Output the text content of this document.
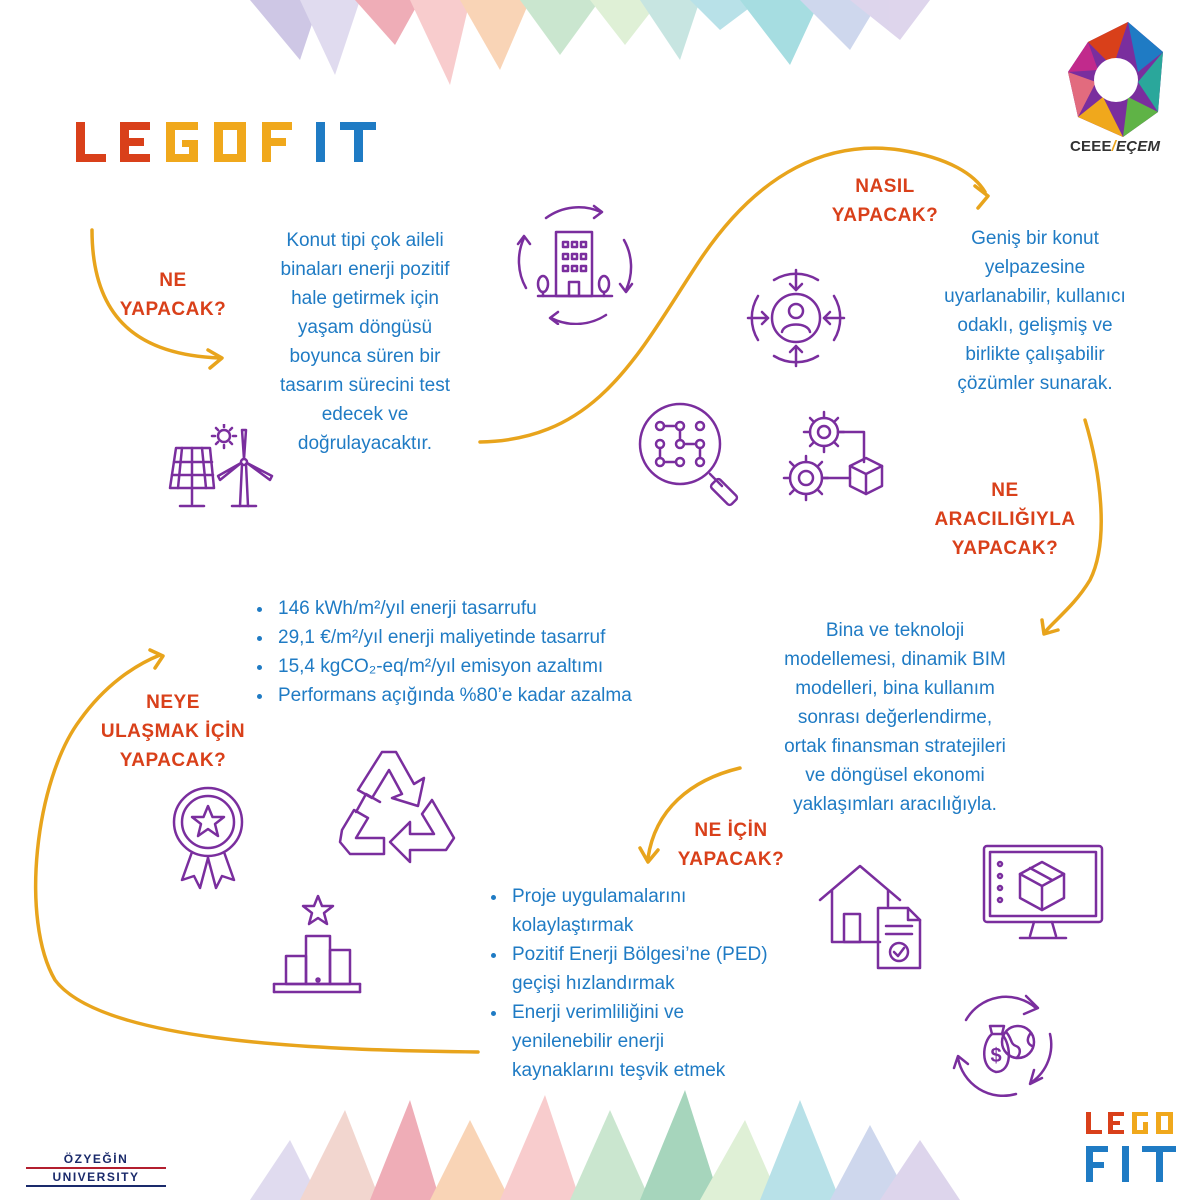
CEEE/EÇEM
NE
YAPACAK?
Konut tipi çok aileli
binaları enerji pozitif
hale getirmek için
yaşam döngüsü
boyunca süren bir
tasarım sürecini test
edecek ve
doğrulayacaktır.
NASIL
YAPACAK?
Geniş bir konut
yelpazesine
uyarlanabilir, kullanıcı
odaklı, gelişmiş ve
birlikte çalışabilir
çözümler sunarak.
NE
ARACILIĞIYLA
YAPACAK?
Bina ve teknoloji
modellemesi, dinamik BIM
modelleri, bina kullanım
sonrası değerlendirme,
ortak finansman stratejileri
ve döngüsel ekonomi
yaklaşımları aracılığıyla.
NE İÇİN
YAPACAK?
• Proje uygulamalarını
kolaylaştırmak
• Pozitif Enerji Bölgesi’ne (PED)
geçişi hızlandırmak
• Enerji verimliliğini ve
yenilenebilir enerji
kaynaklarını teşvik etmek
NEYE
ULAŞMAK İÇİN
YAPACAK?
• 146 kWh/m²/yıl enerji tasarrufu
• 29,1 €/m²/yıl enerji maliyetinde tasarruf
• 15,4 kgCO₂-eq/m²/yıl emisyon azaltımı
• Performans açığında %80’e kadar azalma
$
ÖZYEĞİN
UNIVERSITY
